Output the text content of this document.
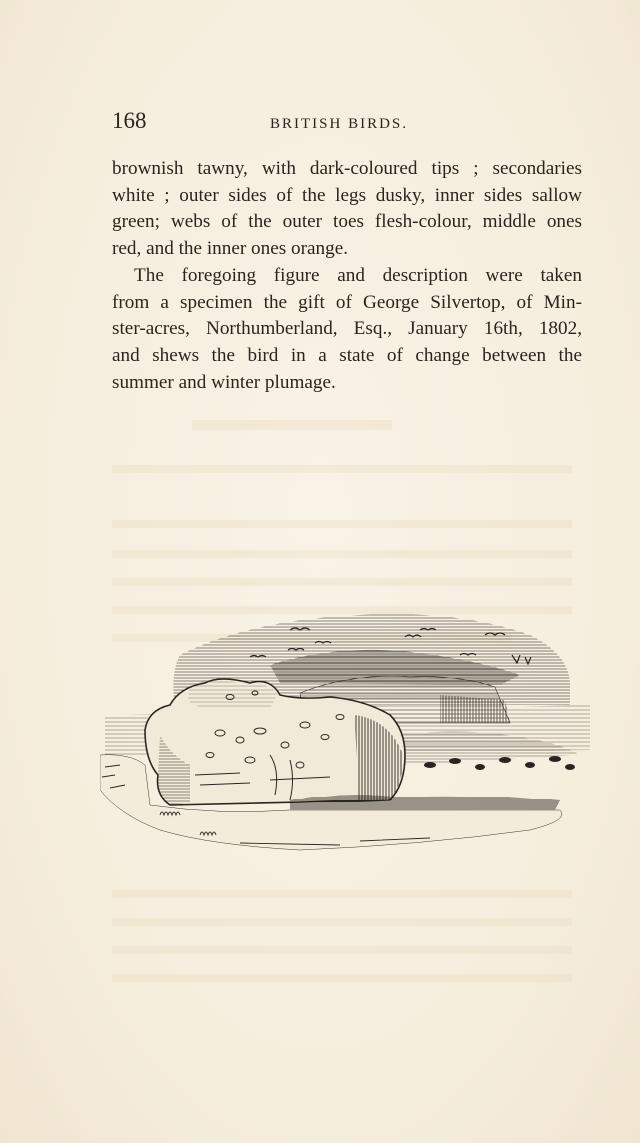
168	BRITISH BIRDS.
brownish tawny, with dark-coloured tips ; secondaries
white ; outer sides of the legs dusky, inner sides sallow
green; webs of the outer toes flesh-colour, middle ones
red, and the inner ones orange.
The foregoing figure and description were taken
from a specimen the gift of George Silvertop, of Min-
ster-acres, Northumberland, Esq., January 16th, 1802,
and shews the bird in a state of change between the
summer and winter plumage.
